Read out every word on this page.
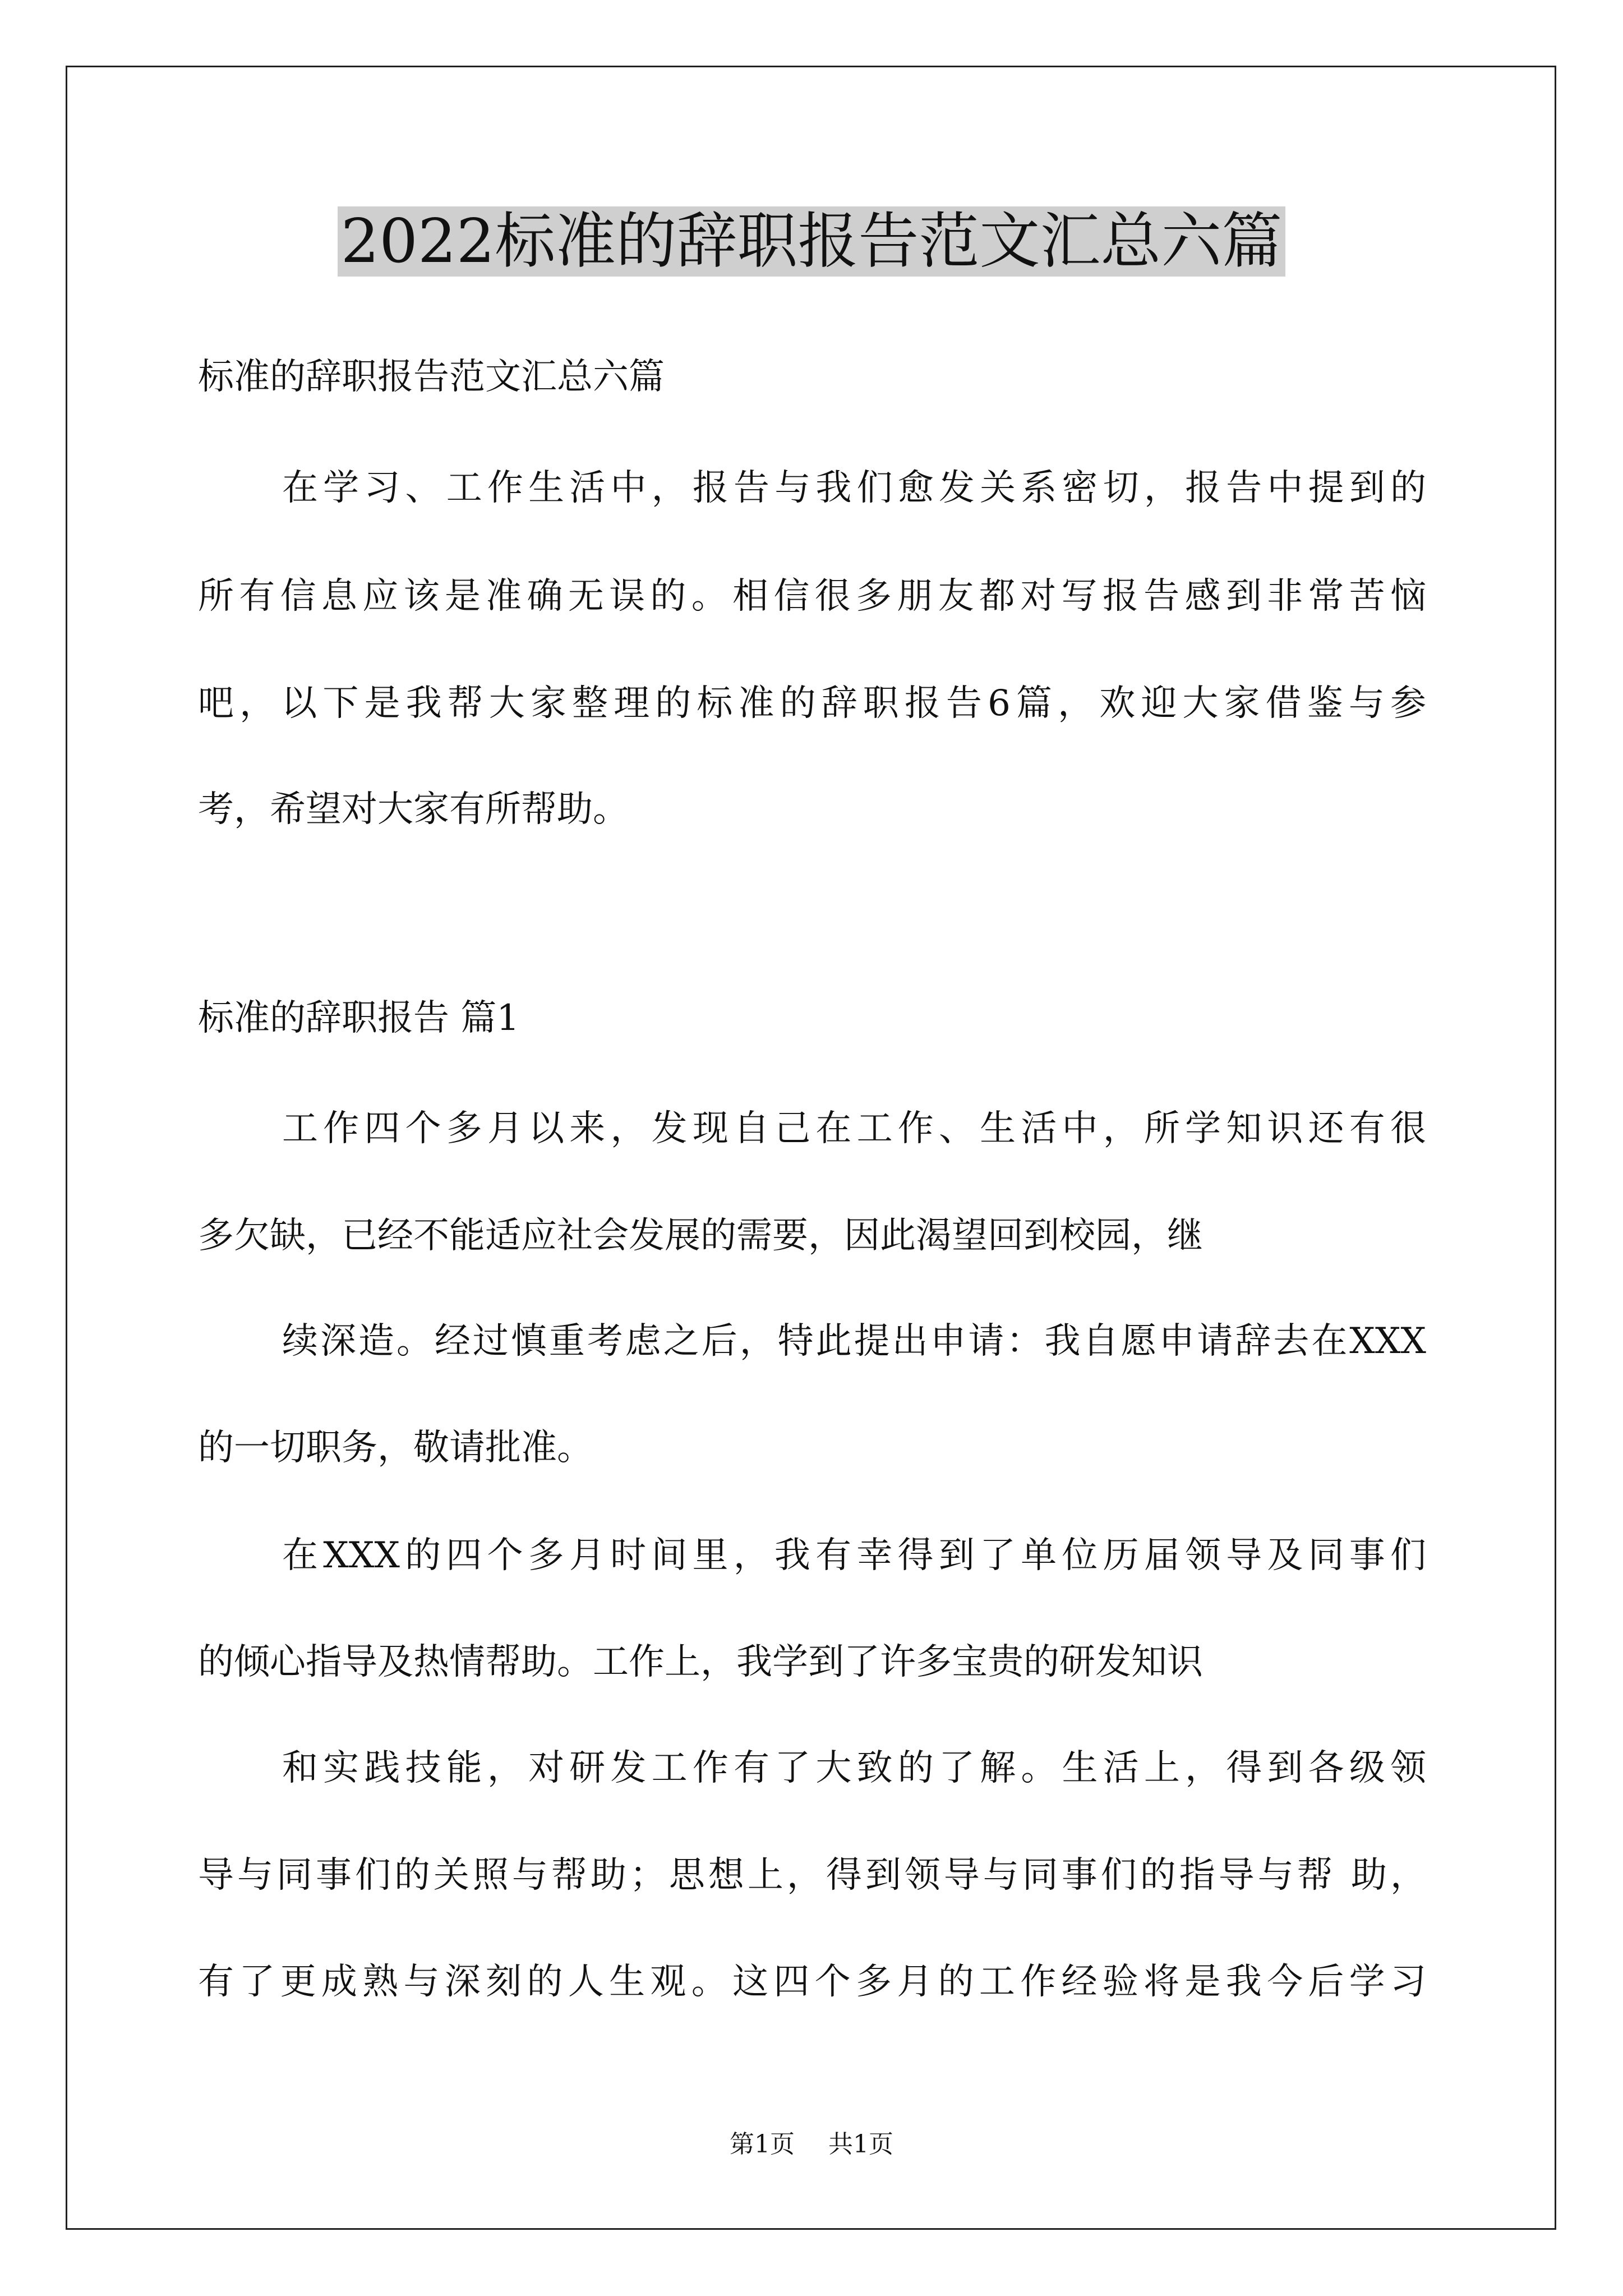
2022标准的辞职报告范文汇总六篇
标准的辞职报告范文汇总六篇
在学习、工作生活中，报告与我们愈发关系密切，报告中提到的
所有信息应该是准确无误的。相信很多朋友都对写报告感到非常苦恼
吧，以下是我帮大家整理的标准的辞职报告6篇，欢迎大家借鉴与参
考，希望对大家有所帮助。
标准的辞职报告 篇1
工作四个多月以来，发现自己在工作、生活中，所学知识还有很
多欠缺，已经不能适应社会发展的需要，因此渴望回到校园，继
续深造。经过慎重考虑之后，特此提出申请：我自愿申请辞去在XXX
的一切职务，敬请批准。
在XXX的四个多月时间里，我有幸得到了单位历届领导及同事们
的倾心指导及热情帮助。工作上，我学到了许多宝贵的研发知识
和实践技能，对研发工作有了大致的了解。生活上，得到各级领
导与同事们的关照与帮助；思想上，得到领导与同事们的指导与帮 助，
有了更成熟与深刻的人生观。这四个多月的工作经验将是我今后学习
第1页 共1页
